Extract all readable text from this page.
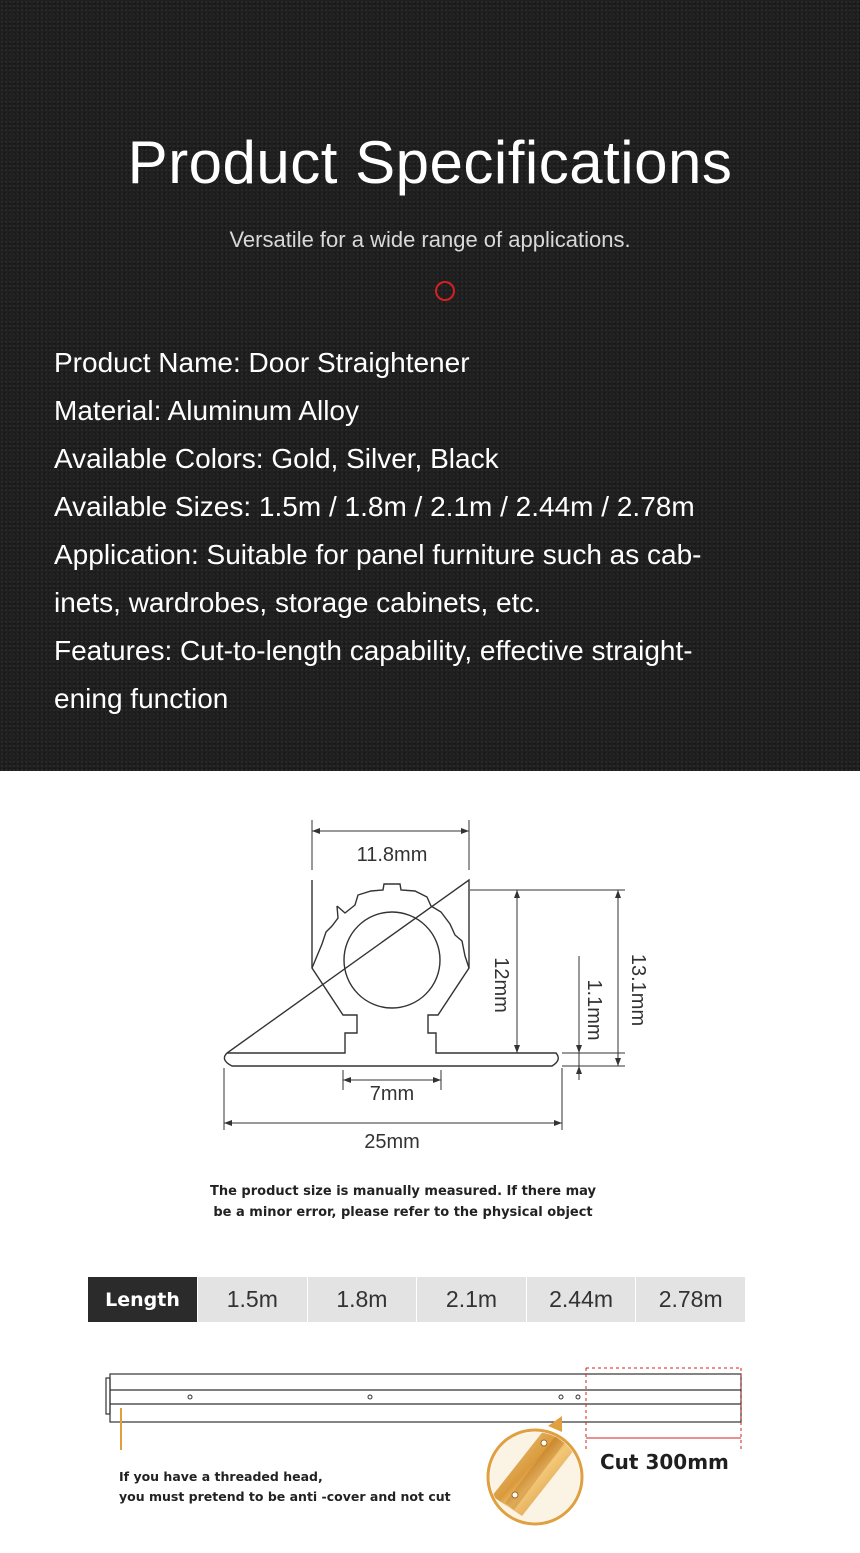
Product Specifications
Versatile for a wide range of applications.
Product Name: Door Straightener
Material: Aluminum Alloy
Available Colors: Gold, Silver, Black
Available Sizes: 1.5m / 1.8m / 2.1m / 2.44m / 2.78m
Application: Suitable for panel furniture such as cab-
inets, wardrobes, storage cabinets, etc.
Features: Cut-to-length capability, effective straight-
ening function
11.8mm
7mm
25mm
12mm	1.1mm 13.1mm
The product size is manually measured. If there may
be a minor error, please refer to the physical object
Length	1.5m	1.8m	2.1m	2.44m	2.78m
If you have a threaded head,
you must pretend to be anti -cover and not cut
Cut 300mm
